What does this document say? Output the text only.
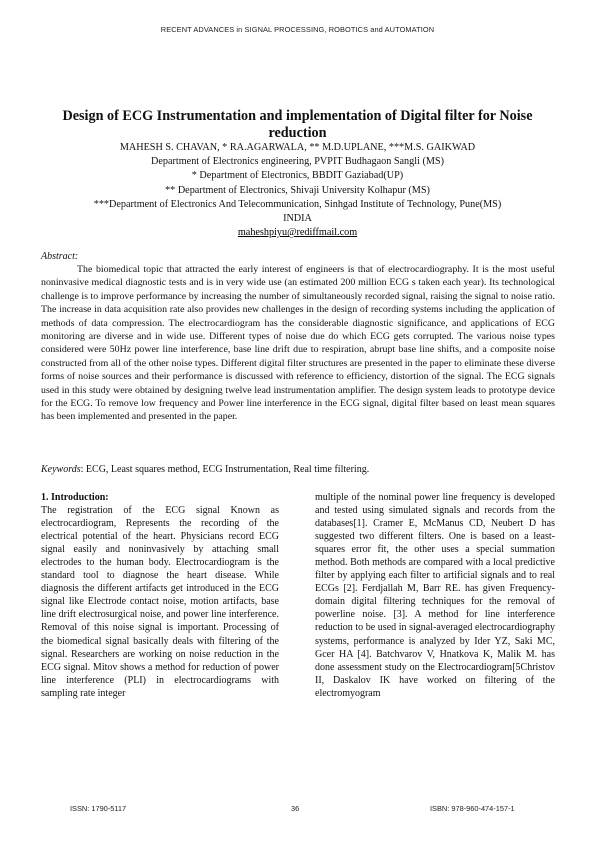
RECENT ADVANCES in SIGNAL PROCESSING, ROBOTICS and AUTOMATION
Design of ECG Instrumentation and implementation of Digital filter for Noise reduction
MAHESH S. CHAVAN, * RA.AGARWALA, ** M.D.UPLANE, ***M.S. GAIKWAD
Department of Electronics engineering, PVPIT Budhagaon Sangli (MS)
* Department of Electronics, BBDIT Gaziabad(UP)
** Department of Electronics, Shivaji University Kolhapur (MS)
***Department of Electronics And Telecommunication, Sinhgad Institute of Technology, Pune(MS)
INDIA
maheshpiyu@rediffmail.com
Abstract:

The biomedical topic that attracted the early interest of engineers is that of electrocardiography. It is the most useful noninvasive medical diagnostic tests and is in very wide use (an estimated 200 million ECG s taken each year). Its technological challenge is to improve performance by increasing the number of simultaneously recorded signal, raising the signal to noise ratio. The increase in data acquisition rate also provides new challenges in the design of recording systems including the application of methods of data compression. The electrocardiogram has the considerable diagnostic significance, and applications of ECG monitoring are diverse and in wide use. Different types of noise due do which ECG gets corrupted. The various noise types considered were 50Hz power line interference, base line drift due to respiration, abrupt base line shifts, and a composite noise constructed from all of the other noise types. Different digital filter structures are presented in the paper to eliminate these diverse forms of noise sources and their performance is discussed with reference to efficiency, distortion of the signal. The ECG signals used in this study were obtained by designing twelve lead instrumentation amplifier. The design system leads to prototype device for the ECG. To remove low frequency and Power line interference in the ECG signal, digital filter based on least mean squares has been implemented and presented in the paper.

Keywords: ECG, Least squares method, ECG Instrumentation, Real time filtering.

1. Introduction:

The registration of the ECG signal Known as electrocardiogram, Represents the recording of the electrical potential of the heart. Physicians record ECG signal easily and noninvasively by attaching small electrodes to the human body. Electrocardiogram is the standard tool to diagnose the heart disease. While diagnosis the different artifacts get introduced in the ECG signal like Electrode contact noise, motion artifacts, base line drift electrosurgical noise, and power line interference. Removal of this noise signal is important. Processing of the biomedical signal basically deals with filtering of the signal. Researchers are working on noise reduction in the ECG signal. Mitov shows a method for reduction of power line interference (PLI) in electrocardiograms with sampling rate integer

multiple of the nominal power line frequency is developed and tested using simulated signals and records from the databases[1]. Cramer E, McManus CD, Neubert D has suggested two different filters. One is based on a least-squares error fit, the other uses a special summation method. Both methods are compared with a local predictive filter by applying each filter to artificial signals and to real ECGs [2]. Ferdjallah M, Barr RE. has given Frequency-domain digital filtering techniques for the removal of powerline noise. [3]. A method for line interference reduction to be used in signal-averaged electrocardiography systems, performance is analyzed by Ider YZ, Saki MC, Gcer HA [4]. Batchvarov V, Hnatkova K, Malik M. has done assessment study on the Electrocardiogram[5Christov II, Daskalov IK have worked on filtering of the electromyogram

ISSN: 1790-5117	36	ISBN: 978-960-474-157-1
